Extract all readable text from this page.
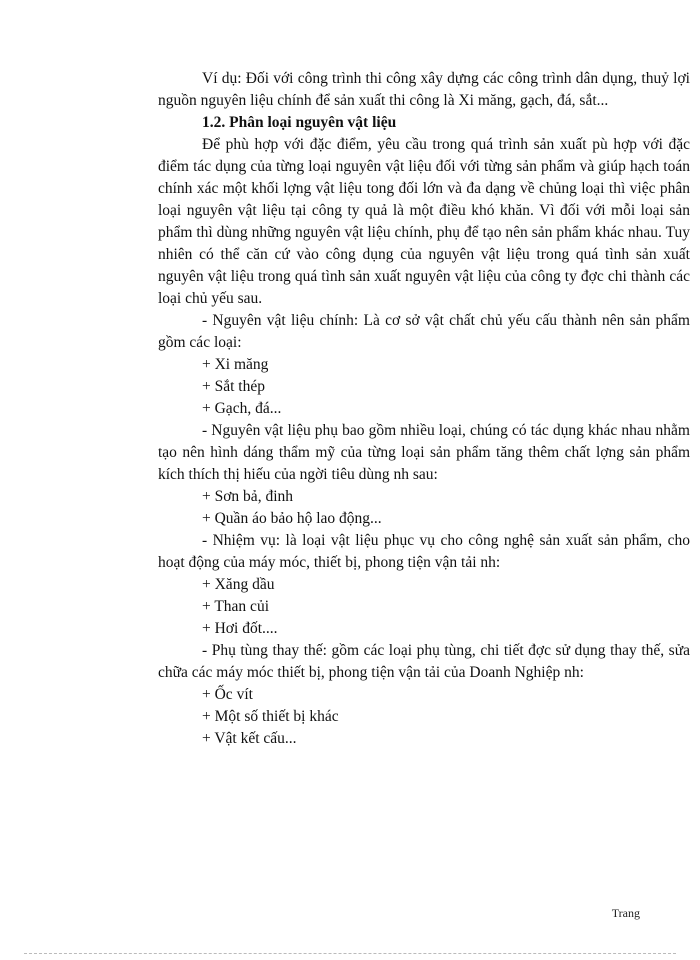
Ví dụ: Đối với công trình thi công xây dựng các công trình dân dụng, thuỷ lợi nguồn nguyên liệu chính để sản xuất thi công là Xi măng, gạch, đá, sắt...

1.2. Phân loại nguyên vật liệu

Để phù hợp với đặc điểm, yêu cầu trong quá trình sản xuất pù hợp với đặc điểm tác dụng của từng loại nguyên vật liệu đối với từng sản phẩm và giúp hạch toán chính xác một khối lợng vật liệu tong đối lớn và đa dạng về chủng loại thì việc phân loại nguyên vật liệu tại công ty quả là một điều khó khăn. Vì đối với mỗi loại sản phẩm thì dùng những nguyên vật liệu chính, phụ để tạo nên sản phẩm khác nhau. Tuy nhiên có thể căn cứ vào công dụng của nguyên vật liệu trong quá tình sản xuất nguyên vật liệu trong quá tình sản xuất nguyên vật liệu của công ty đợc chi thành các loại chủ yếu sau.

- Nguyên vật liệu chính: Là cơ sở vật chất chủ yếu cấu thành nên sản phẩm gồm các loại:

+ Xi măng

+ Sắt thép

+ Gạch, đá...

- Nguyên vật liệu phụ bao gồm nhiều loại, chúng có tác dụng khác nhau nhằm tạo nên hình dáng thẩm mỹ của từng loại sản phẩm tăng thêm chất lợng sản phẩm kích thích thị hiếu của ngời tiêu dùng nh sau:

+ Sơn bả, đinh

+ Quần áo bảo hộ lao động...

- Nhiệm vụ: là loại vật liệu phục vụ cho công nghệ sản xuất sản phẩm, cho hoạt động của máy móc, thiết bị, phong tiện vận tải nh:

+ Xăng dầu

+ Than củi

+ Hơi đốt....

- Phụ tùng thay thế: gồm các loại phụ tùng, chi tiết đợc sử dụng thay thế, sửa chữa các máy móc thiết bị, phong tiện vận tải của Doanh Nghiệp nh:

+ Ốc vít

+ Một số thiết bị khác

+ Vật kết cấu...

Trang
